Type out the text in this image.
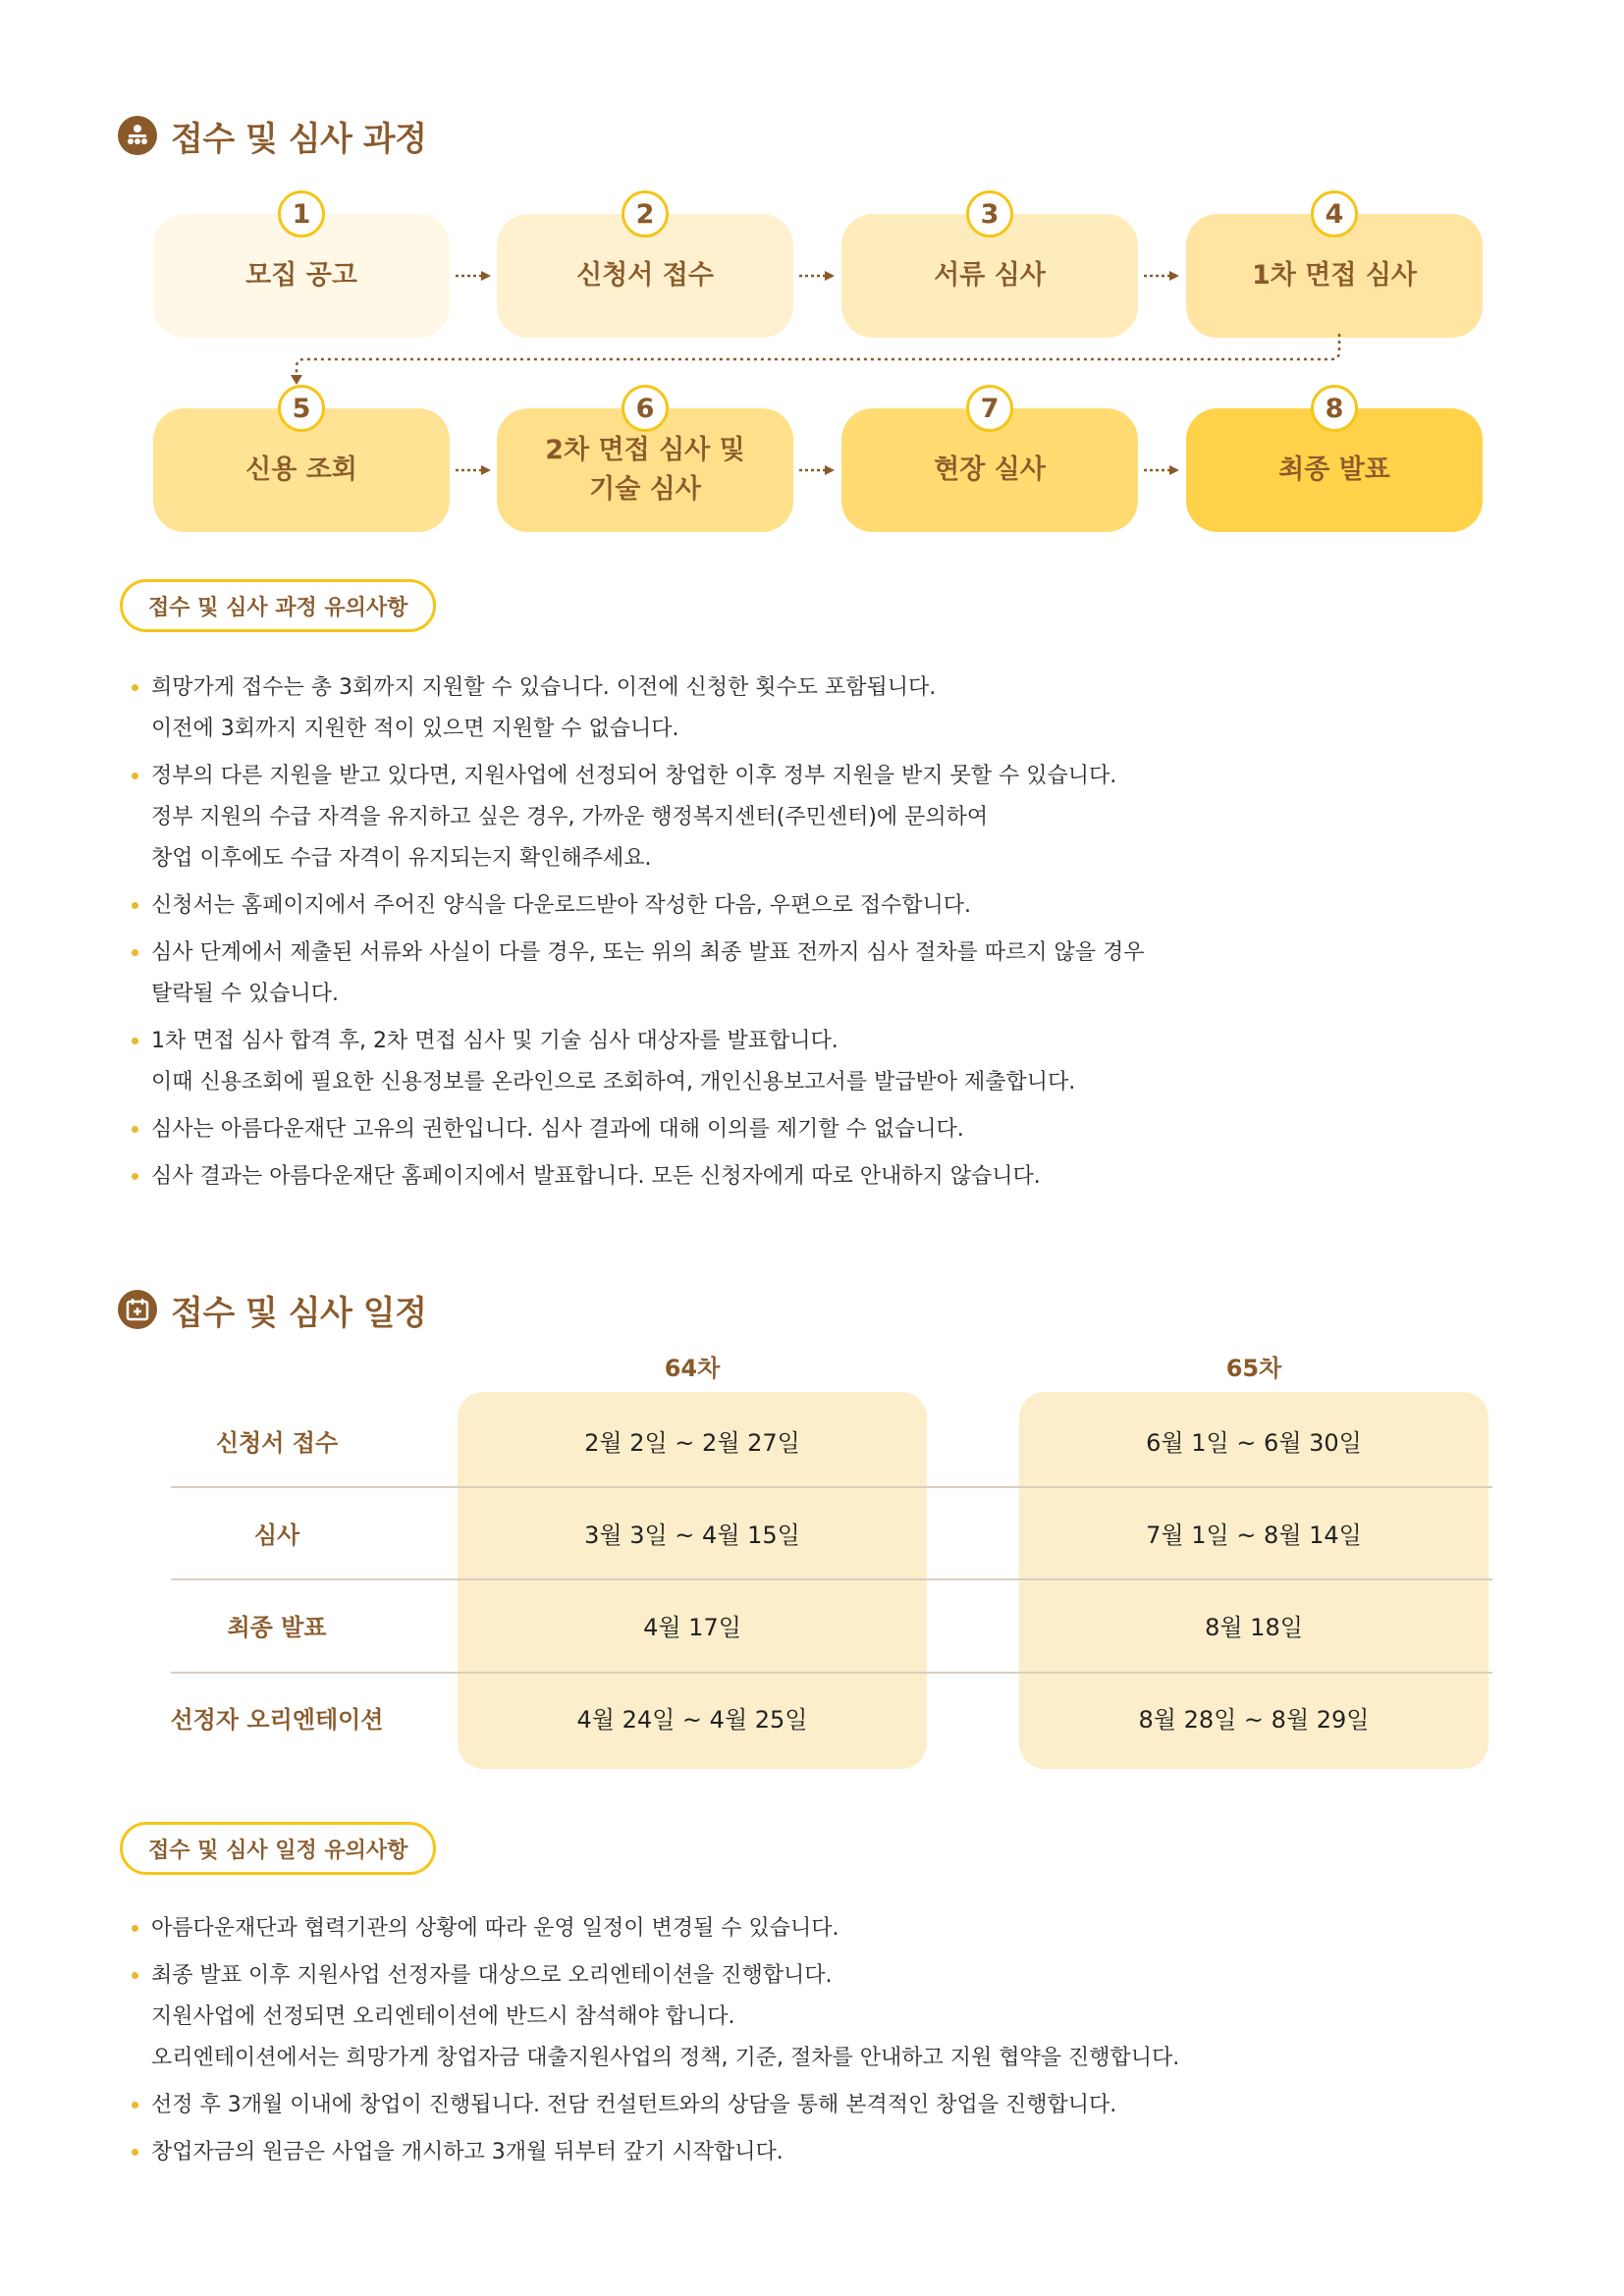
접수 및 심사 과정
모집 공고
1
신청서 접수
2
서류 심사
3
1차 면접 심사
4
신용 조회
5
2차 면접 심사 및
기술 심사
6
현장 실사
7
최종 발표
8
접수 및 심사 과정 유의사항
희망가게 접수는 총 3회까지 지원할 수 있습니다. 이전에 신청한 횟수도 포함됩니다.
이전에 3회까지 지원한 적이 있으면 지원할 수 없습니다.
정부의 다른 지원을 받고 있다면, 지원사업에 선정되어 창업한 이후 정부 지원을 받지 못할 수 있습니다.
정부 지원의 수급 자격을 유지하고 싶은 경우, 가까운 행정복지센터(주민센터)에 문의하여
창업 이후에도 수급 자격이 유지되는지 확인해주세요.
신청서는 홈페이지에서 주어진 양식을 다운로드받아 작성한 다음, 우편으로 접수합니다.
심사 단계에서 제출된 서류와 사실이 다를 경우, 또는 위의 최종 발표 전까지 심사 절차를 따르지 않을 경우
탈락될 수 있습니다.
1차 면접 심사 합격 후, 2차 면접 심사 및 기술 심사 대상자를 발표합니다.
이때 신용조회에 필요한 신용정보를 온라인으로 조회하여, 개인신용보고서를 발급받아 제출합니다.
심사는 아름다운재단 고유의 권한입니다. 심사 결과에 대해 이의를 제기할 수 없습니다.
심사 결과는 아름다운재단 홈페이지에서 발표합니다. 모든 신청자에게 따로 안내하지 않습니다.
접수 및 심사 일정
64차	65차
신청서 접수	2월 2일 ~ 2월 27일	6월 1일 ~ 6월 30일
심사	3월 3일 ~ 4월 15일	7월 1일 ~ 8월 14일
최종 발표	4월 17일	8월 18일
선정자 오리엔테이션	4월 24일 ~ 4월 25일	8월 28일 ~ 8월 29일
접수 및 심사 일정 유의사항
아름다운재단과 협력기관의 상황에 따라 운영 일정이 변경될 수 있습니다.
최종 발표 이후 지원사업 선정자를 대상으로 오리엔테이션을 진행합니다.
지원사업에 선정되면 오리엔테이션에 반드시 참석해야 합니다.
오리엔테이션에서는 희망가게 창업자금 대출지원사업의 정책, 기준, 절차를 안내하고 지원 협약을 진행합니다.
선정 후 3개월 이내에 창업이 진행됩니다. 전담 컨설턴트와의 상담을 통해 본격적인 창업을 진행합니다.
창업자금의 원금은 사업을 개시하고 3개월 뒤부터 갚기 시작합니다.
